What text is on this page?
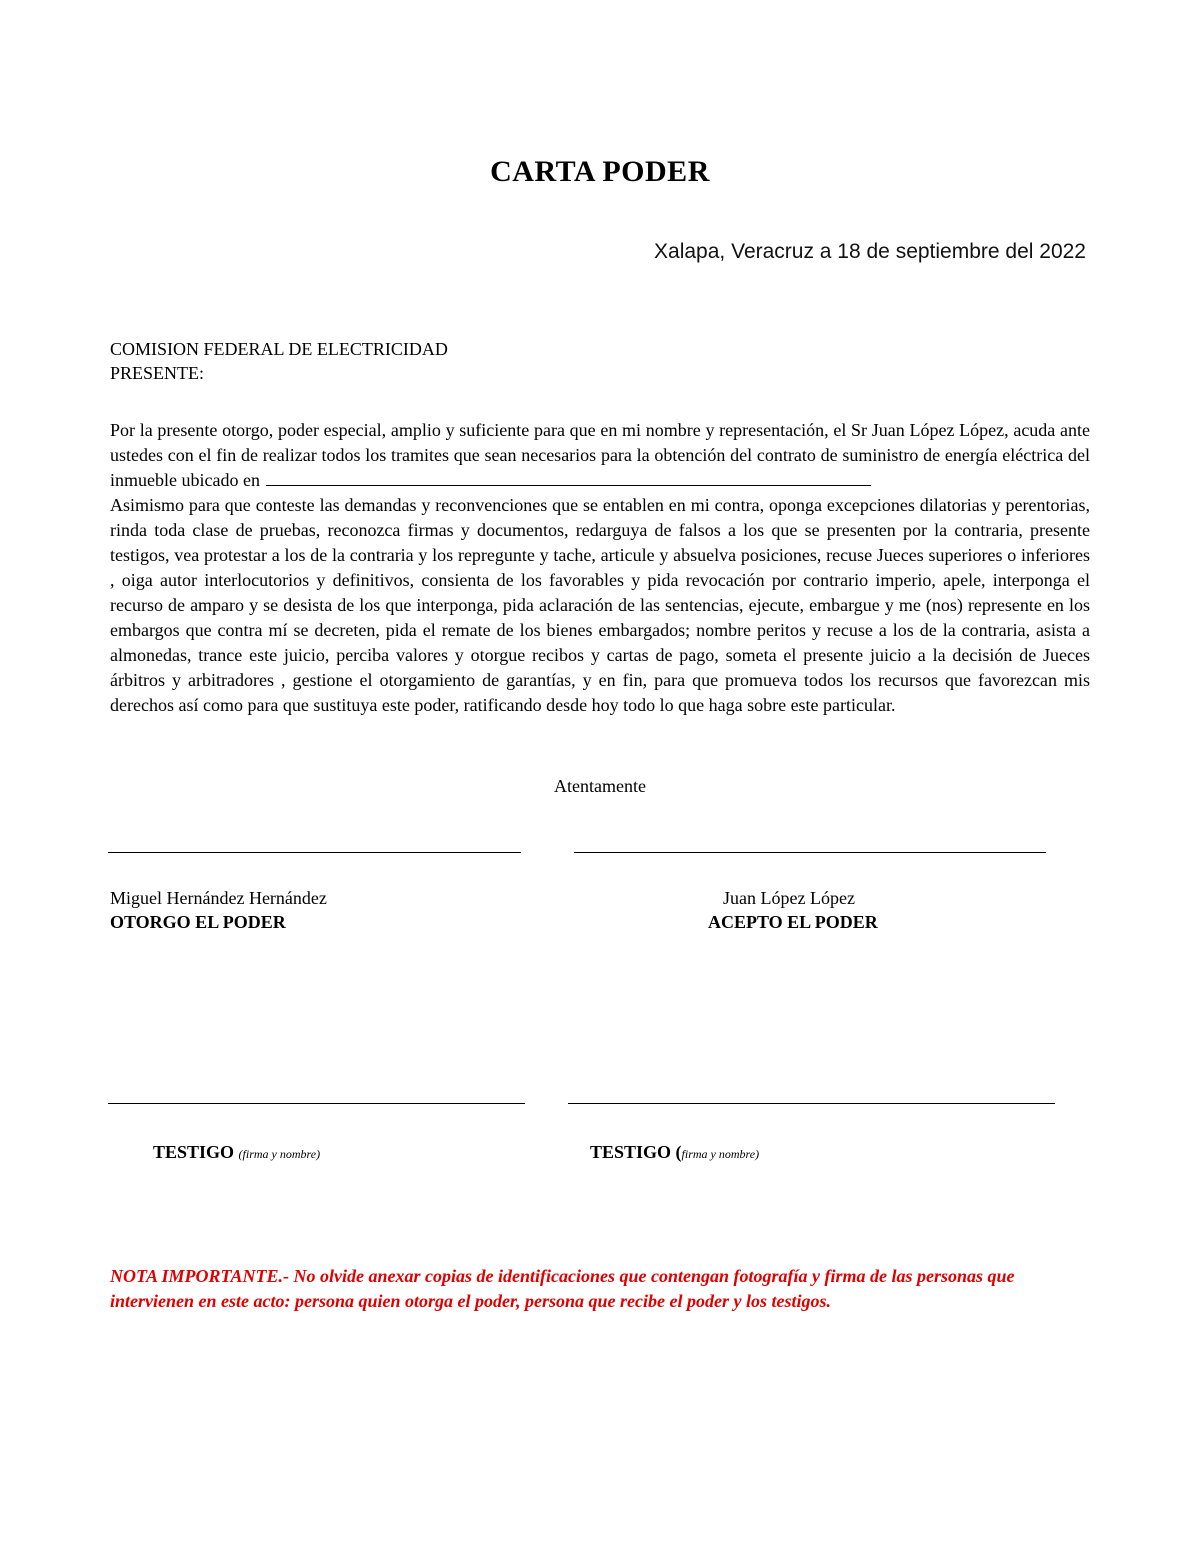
CARTA PODER
Xalapa, Veracruz a 18 de septiembre del 2022
COMISION FEDERAL DE ELECTRICIDAD
PRESENTE:
Por la presente otorgo, poder especial, amplio y suficiente para que en mi nombre y representación, el Sr Juan López López, acuda ante ustedes con el fin de realizar todos los tramites que sean necesarios para la obtención del contrato de suministro de energía eléctrica del inmueble ubicado en
Asimismo para que conteste las demandas y reconvenciones que se entablen en mi contra, oponga excepciones dilatorias y perentorias, rinda toda clase de pruebas, reconozca firmas y documentos, redarguya de falsos a los que se presenten por la contraria, presente testigos, vea protestar a los de la contraria y los repregunte y tache, articule y absuelva posiciones, recuse Jueces superiores o inferiores , oiga autor interlocutorios y definitivos, consienta de los favorables y pida revocación por contrario imperio, apele, interponga el recurso de amparo y se desista de los que interponga, pida aclaración de las sentencias, ejecute, embargue y me (nos) represente en los embargos que contra mí se decreten, pida el remate de los bienes embargados; nombre peritos y recuse a los de la contraria, asista a almonedas, trance este juicio, perciba valores y otorgue recibos y cartas de pago, someta el presente juicio a la decisión de Jueces árbitros y arbitradores , gestione el otorgamiento de garantías, y en fin, para que promueva todos los recursos que favorezcan mis derechos así como para que sustituya este poder, ratificando desde hoy todo lo que haga sobre este particular.
Atentamente
Miguel Hernández Hernández
OTORGO EL PODER
Juan López López
ACEPTO EL PODER
TESTIGO (firma y nombre)	TESTIGO (firma y nombre)
NOTA IMPORTANTE.- No olvide anexar copias de identificaciones que contengan fotografía y firma de las personas que intervienen en este acto: persona quien otorga el poder, persona que recibe el poder y los testigos.
